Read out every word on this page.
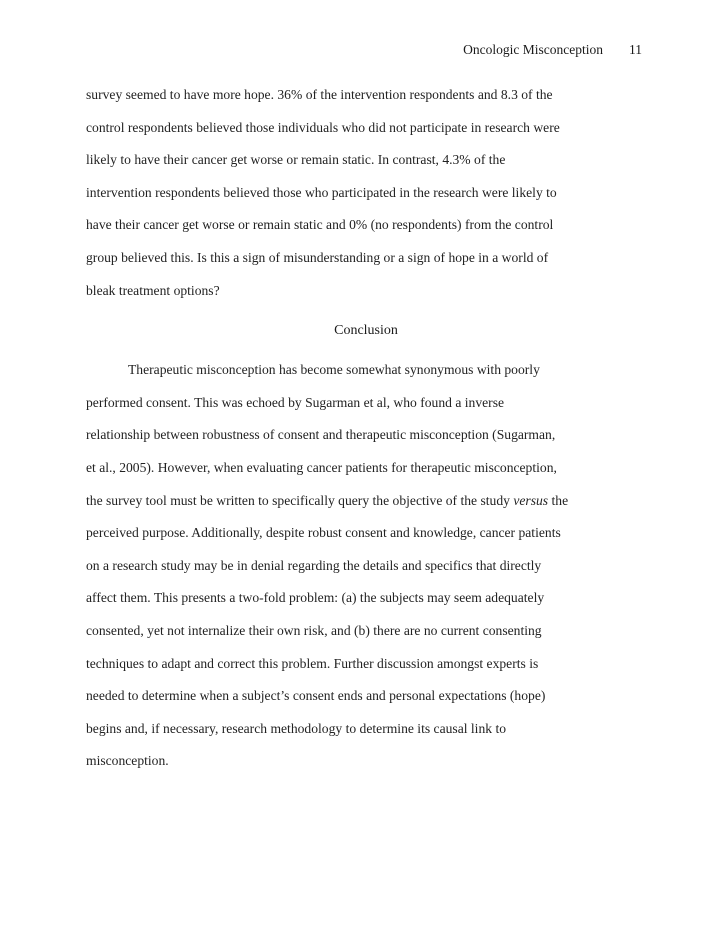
Oncologic Misconception 11
survey seemed to have more hope. 36% of the intervention respondents and 8.3 of the
control respondents believed those individuals who did not participate in research were
likely to have their cancer get worse or remain static. In contrast, 4.3% of the
intervention respondents believed those who participated in the research were likely to
have their cancer get worse or remain static and 0% (no respondents) from the control
group believed this. Is this a sign of misunderstanding or a sign of hope in a world of
bleak treatment options?
Conclusion
Therapeutic misconception has become somewhat synonymous with poorly
performed consent. This was echoed by Sugarman et al, who found a inverse
relationship between robustness of consent and therapeutic misconception (Sugarman,
et al., 2005). However, when evaluating cancer patients for therapeutic misconception,
the survey tool must be written to specifically query the objective of the study versus the
perceived purpose. Additionally, despite robust consent and knowledge, cancer patients
on a research study may be in denial regarding the details and specifics that directly
affect them. This presents a two-fold problem: (a) the subjects may seem adequately
consented, yet not internalize their own risk, and (b) there are no current consenting
techniques to adapt and correct this problem. Further discussion amongst experts is
needed to determine when a subject’s consent ends and personal expectations (hope)
begins and, if necessary, research methodology to determine its causal link to
misconception.
